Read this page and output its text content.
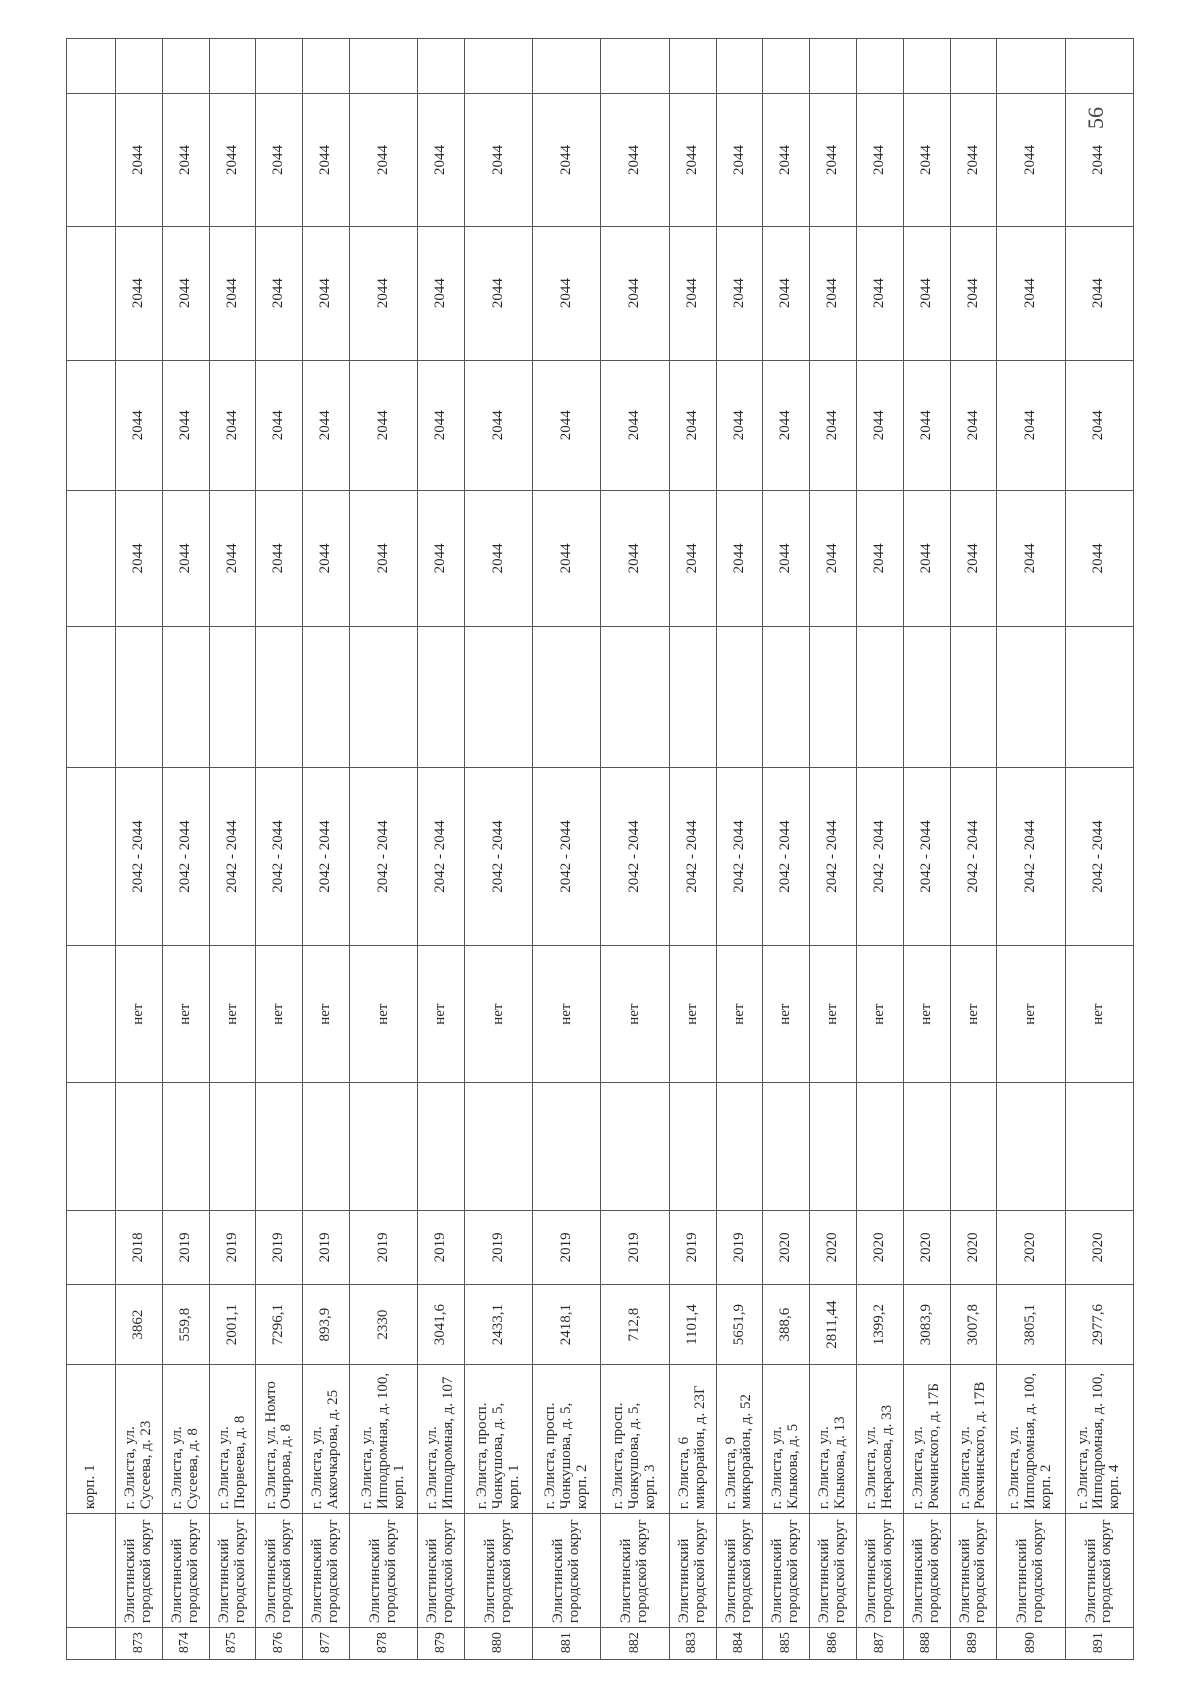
56
		корп. 1											
873	Элистинский городской округ	г. Элиста, ул. Сусеева, д. 23	3862	2018		нет	2042 - 2044		2044	2044	2044	2044	
874	Элистинский городской округ	г. Элиста, ул. Сусеева, д. 8	559,8	2019		нет	2042 - 2044		2044	2044	2044	2044	
875	Элистинский городской округ	г. Элиста, ул. Пюрвеева, д. 8	2001,1	2019		нет	2042 - 2044		2044	2044	2044	2044	
876	Элистинский городской округ	г. Элиста, ул. Номто Очирова, д. 8	7296,1	2019		нет	2042 - 2044		2044	2044	2044	2044	
877	Элистинский городской округ	г. Элиста, ул. Аккочкарова, д. 25	893,9	2019		нет	2042 - 2044		2044	2044	2044	2044	
878	Элистинский городской округ	г. Элиста, ул. Ипподромная, д. 100, корп. 1	2330	2019		нет	2042 - 2044		2044	2044	2044	2044	
879	Элистинский городской округ	г. Элиста, ул. Ипподромная, д. 107	3041,6	2019		нет	2042 - 2044		2044	2044	2044	2044	
880	Элистинский городской округ	г. Элиста, просп. Чонкушова, д. 5, корп. 1	2433,1	2019		нет	2042 - 2044		2044	2044	2044	2044	
881	Элистинский городской округ	г. Элиста, просп. Чонкушова, д. 5, корп. 2	2418,1	2019		нет	2042 - 2044		2044	2044	2044	2044	
882	Элистинский городской округ	г. Элиста, просп. Чонкушова, д. 5, корп. 3	712,8	2019		нет	2042 - 2044		2044	2044	2044	2044	
883	Элистинский городской округ	г. Элиста, 6 микрорайон, д. 23Г	1101,4	2019		нет	2042 - 2044		2044	2044	2044	2044	
884	Элистинский городской округ	г. Элиста, 9 микрорайон, д. 52	5651,9	2019		нет	2042 - 2044		2044	2044	2044	2044	
885	Элистинский городской округ	г. Элиста, ул. Клыкова, д. 5	388,6	2020		нет	2042 - 2044		2044	2044	2044	2044	
886	Элистинский городской округ	г. Элиста, ул. Клыкова, д. 13	2811,44	2020		нет	2042 - 2044		2044	2044	2044	2044	
887	Элистинский городской округ	г. Элиста, ул. Некрасова, д. 33	1399,2	2020		нет	2042 - 2044		2044	2044	2044	2044	
888	Элистинский городской округ	г. Элиста, ул. Рокчинского, д. 17Б	3083,9	2020		нет	2042 - 2044		2044	2044	2044	2044	
889	Элистинский городской округ	г. Элиста, ул. Рокчинского, д. 17В	3007,8	2020		нет	2042 - 2044		2044	2044	2044	2044	
890	Элистинский городской округ	г. Элиста, ул. Ипподромная, д. 100, корп. 2	3805,1	2020		нет	2042 - 2044		2044	2044	2044	2044	
891	Элистинский городской округ	г. Элиста, ул. Ипподромная, д. 100, корп. 4	2977,6	2020		нет	2042 - 2044		2044	2044	2044	2044	
